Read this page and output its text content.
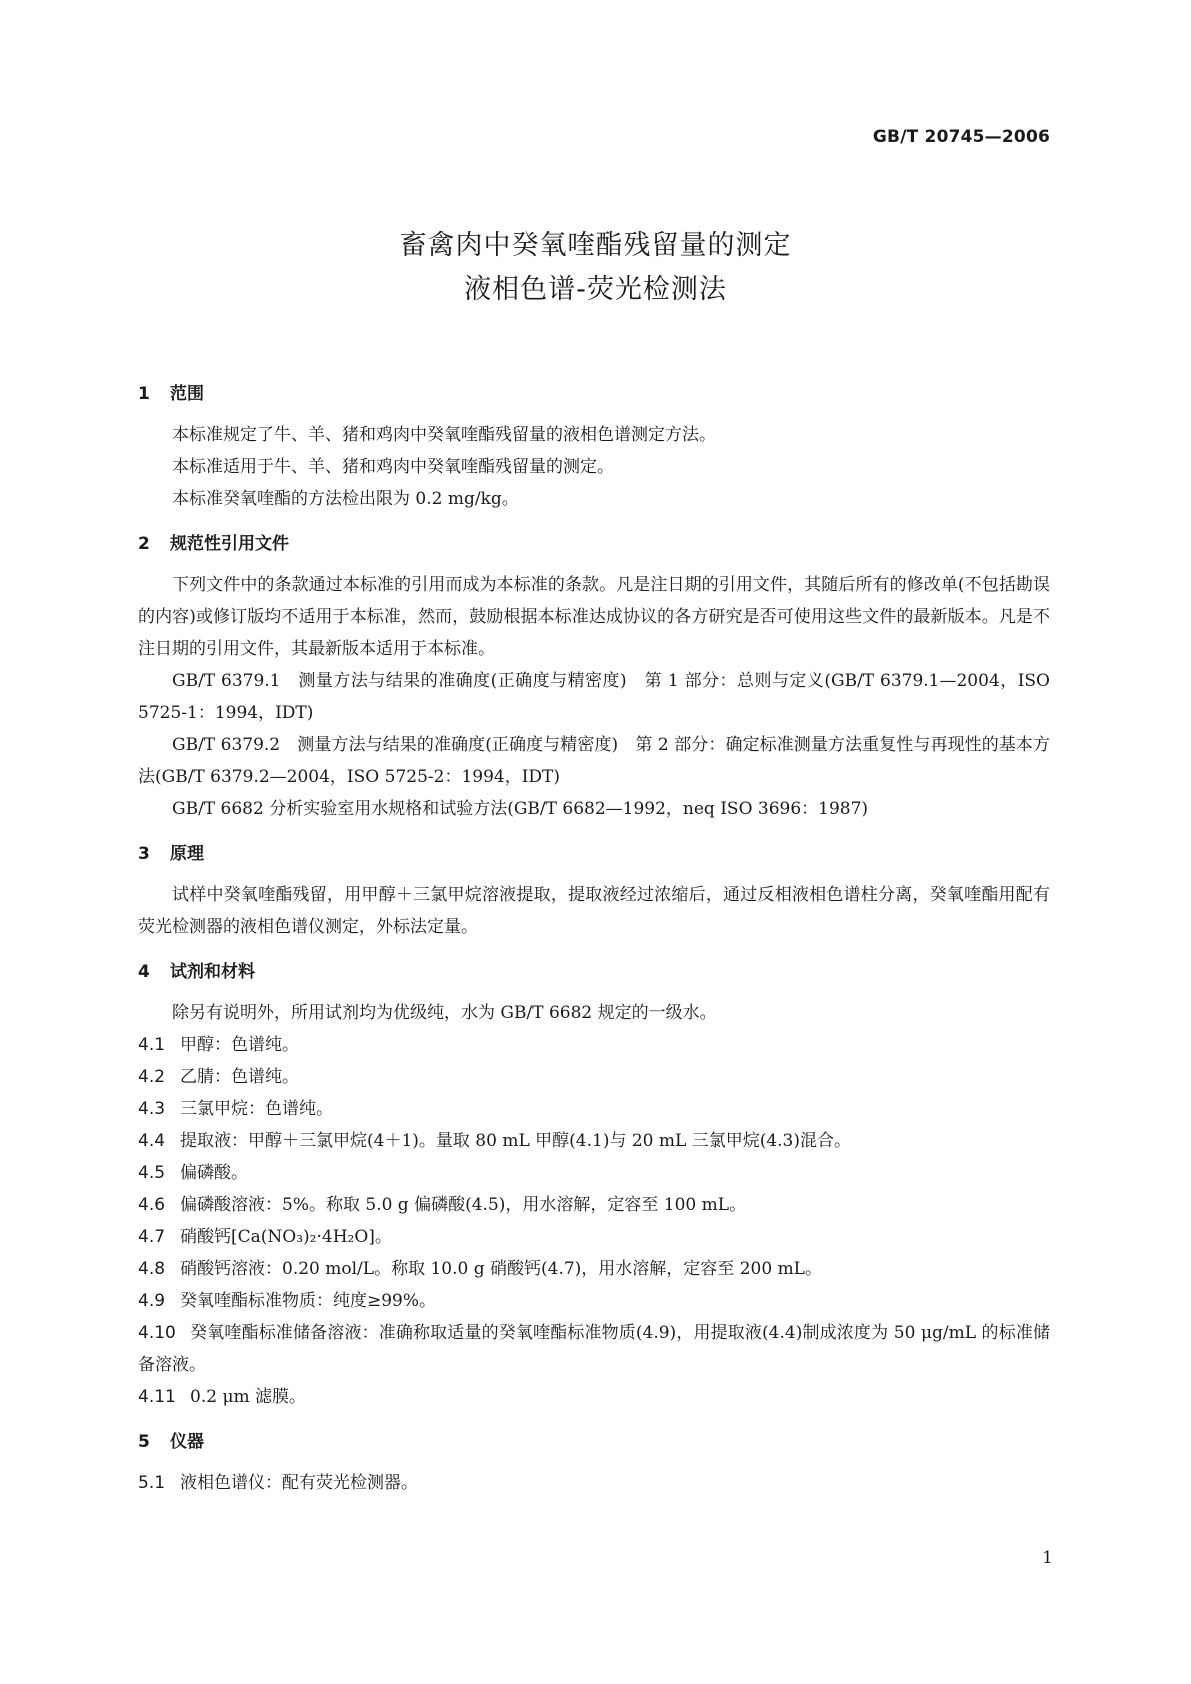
GB/T 20745—2006
畜禽肉中癸氧喹酯残留量的测定
液相色谱-荧光检测法
1 范围
本标准规定了牛、羊、猪和鸡肉中癸氧喹酯残留量的液相色谱测定方法。
本标准适用于牛、羊、猪和鸡肉中癸氧喹酯残留量的测定。
本标准癸氧喹酯的方法检出限为 0.2 mg/kg。
2 规范性引用文件
下列文件中的条款通过本标准的引用而成为本标准的条款。凡是注日期的引用文件，其随后所有的修改单(不包括勘误的内容)或修订版均不适用于本标准，然而，鼓励根据本标准达成协议的各方研究是否可使用这些文件的最新版本。凡是不注日期的引用文件，其最新版本适用于本标准。
GB/T 6379.1　测量方法与结果的准确度(正确度与精密度)　第 1 部分：总则与定义(GB/T 6379.1—2004，ISO 5725-1：1994，IDT)
GB/T 6379.2　测量方法与结果的准确度(正确度与精密度)　第 2 部分：确定标准测量方法重复性与再现性的基本方法(GB/T 6379.2—2004，ISO 5725-2：1994，IDT)
GB/T 6682 分析实验室用水规格和试验方法(GB/T 6682—1992，neq ISO 3696：1987)
3 原理
试样中癸氧喹酯残留，用甲醇＋三氯甲烷溶液提取，提取液经过浓缩后，通过反相液相色谱柱分离，癸氧喹酯用配有荧光检测器的液相色谱仪测定，外标法定量。
4 试剂和材料
除另有说明外，所用试剂均为优级纯，水为 GB/T 6682 规定的一级水。
4.1 甲醇：色谱纯。
4.2 乙腈：色谱纯。
4.3 三氯甲烷：色谱纯。
4.4 提取液：甲醇＋三氯甲烷(4＋1)。量取 80 mL 甲醇(4.1)与 20 mL 三氯甲烷(4.3)混合。
4.5 偏磷酸。
4.6 偏磷酸溶液：5%。称取 5.0 g 偏磷酸(4.5)，用水溶解，定容至 100 mL。
4.7 硝酸钙[Ca(NO₃)₂·4H₂O]。
4.8 硝酸钙溶液：0.20 mol/L。称取 10.0 g 硝酸钙(4.7)，用水溶解，定容至 200 mL。
4.9 癸氧喹酯标准物质：纯度≥99%。
4.10 癸氧喹酯标准储备溶液：准确称取适量的癸氧喹酯标准物质(4.9)，用提取液(4.4)制成浓度为 50 μg/mL 的标准储备溶液。
4.11 0.2 μm 滤膜。
5 仪器
5.1 液相色谱仪：配有荧光检测器。
1
